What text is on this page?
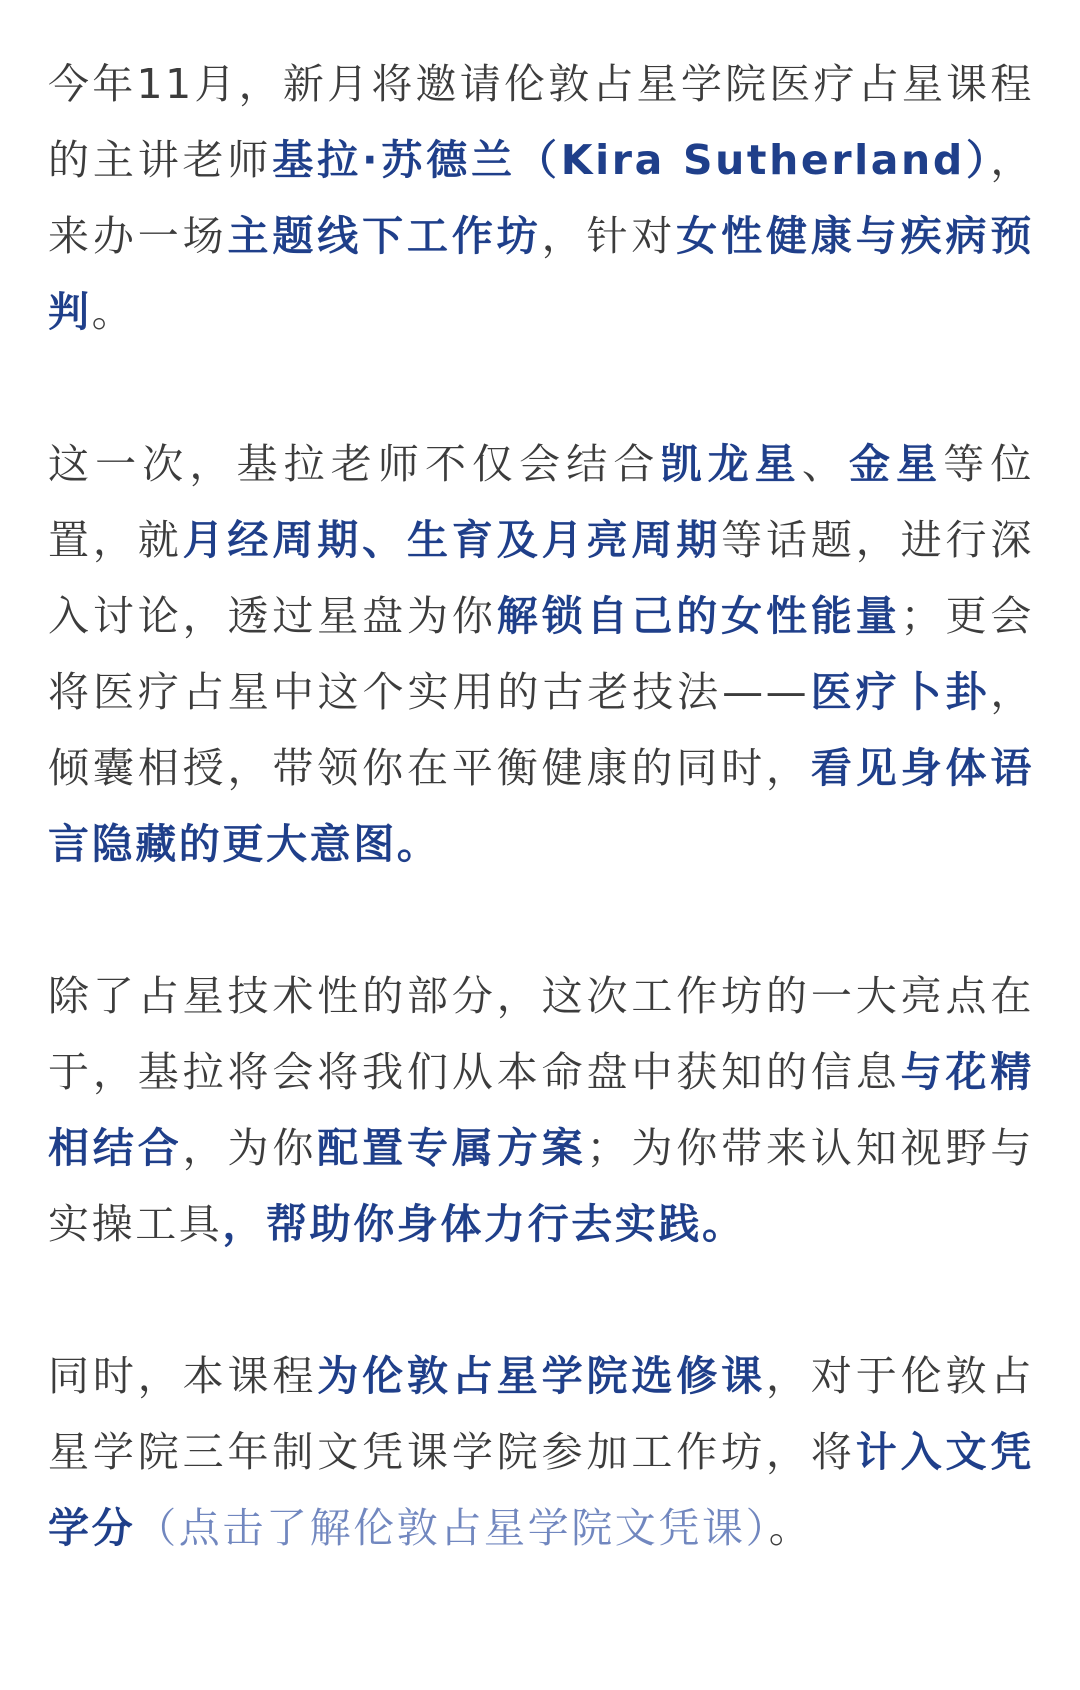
今年11月，新月将邀请伦敦占星学院医疗占星课程的主讲老师基拉·苏德兰（Kira Sutherland），来办一场主题线下工作坊，针对女性健康与疾病预判。

这一次，基拉老师不仅会结合凯龙星、金星等位置，就月经周期、生育及月亮周期等话题，进行深入讨论，透过星盘为你解锁自己的女性能量；更会将医疗占星中这个实用的古老技法——医疗卜卦，倾囊相授，带领你在平衡健康的同时，看见身体语言隐藏的更大意图。

除了占星技术性的部分，这次工作坊的一大亮点在于，基拉将会将我们从本命盘中获知的信息与花精相结合，为你配置专属方案；为你带来认知视野与实操工具，帮助你身体力行去实践。

同时，本课程为伦敦占星学院选修课，对于伦敦占星学院三年制文凭课学院参加工作坊，将计入文凭学分（点击了解伦敦占星学院文凭课）。
